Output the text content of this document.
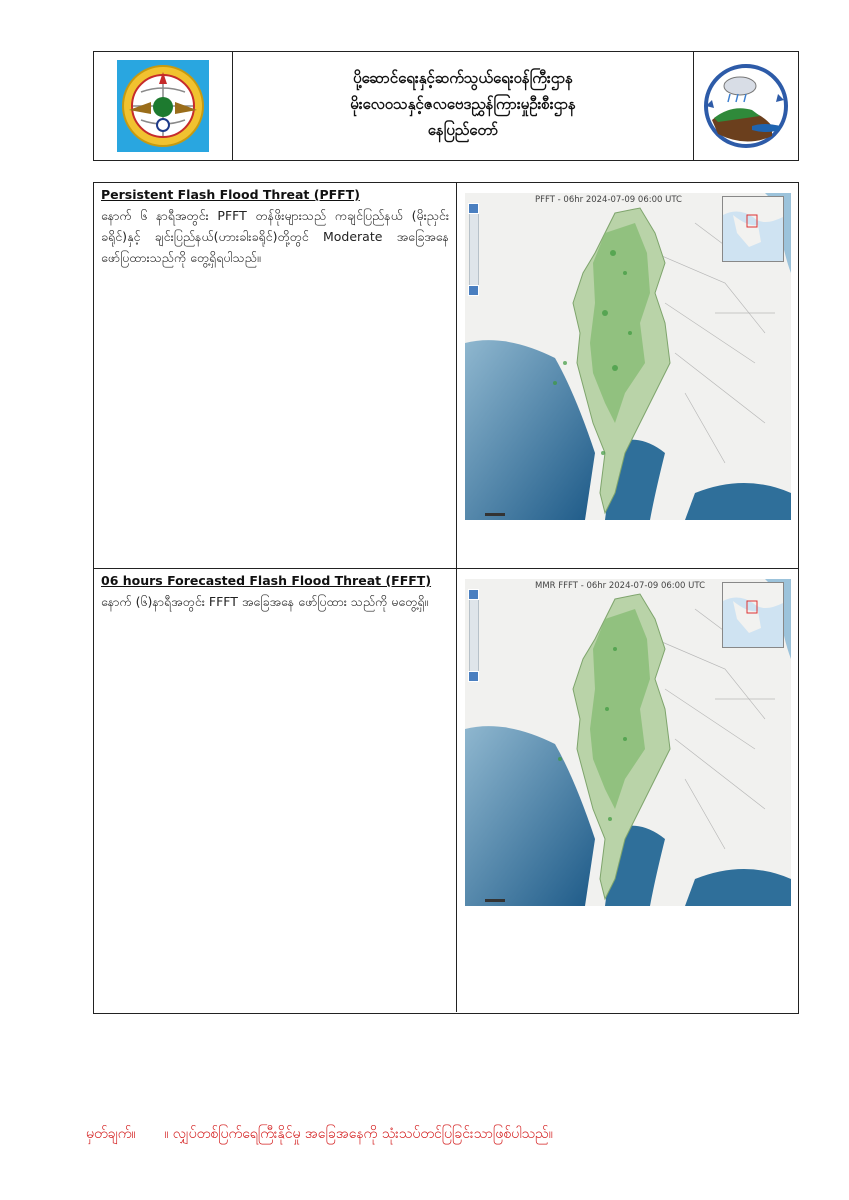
ပို့ဆောင်ရေးနှင့်ဆက်သွယ်ရေးဝန်ကြီးဌာန
မိုးလေဝသနှင့်ဇလဗေဒညွှန်ကြားမှုဦးစီးဌာန
နေပြည်တော်
Persistent Flash Flood Threat (PFFT)
နောက် ၆ နာရီအတွင်း PFFT တန်ဖိုးများသည် ကချင်ပြည်နယ် (မိုးညှင်းခရိုင်)နှင့် ချင်းပြည်နယ်(ဟားခါးခရိုင်)တို့တွင် Moderate အခြေအနေ ဖော်ပြထားသည်ကို တွေ့ရှိရပါသည်။
PFFT - 06hr 2024-07-09 06:00 UTC
06 hours Forecasted Flash Flood Threat (FFFT)
နောက် (၆)နာရီအတွင်း FFFT အခြေအနေ ဖော်ပြထား သည်ကို မတွေ့ရှိ။
MMR FFFT - 06hr 2024-07-09 06:00 UTC
မှတ်ချက်။ ။ လျှပ်တစ်ပြက်ရေကြီးနိုင်မှု အခြေအနေကို သုံးသပ်တင်ပြခြင်းသာဖြစ်ပါသည်။
